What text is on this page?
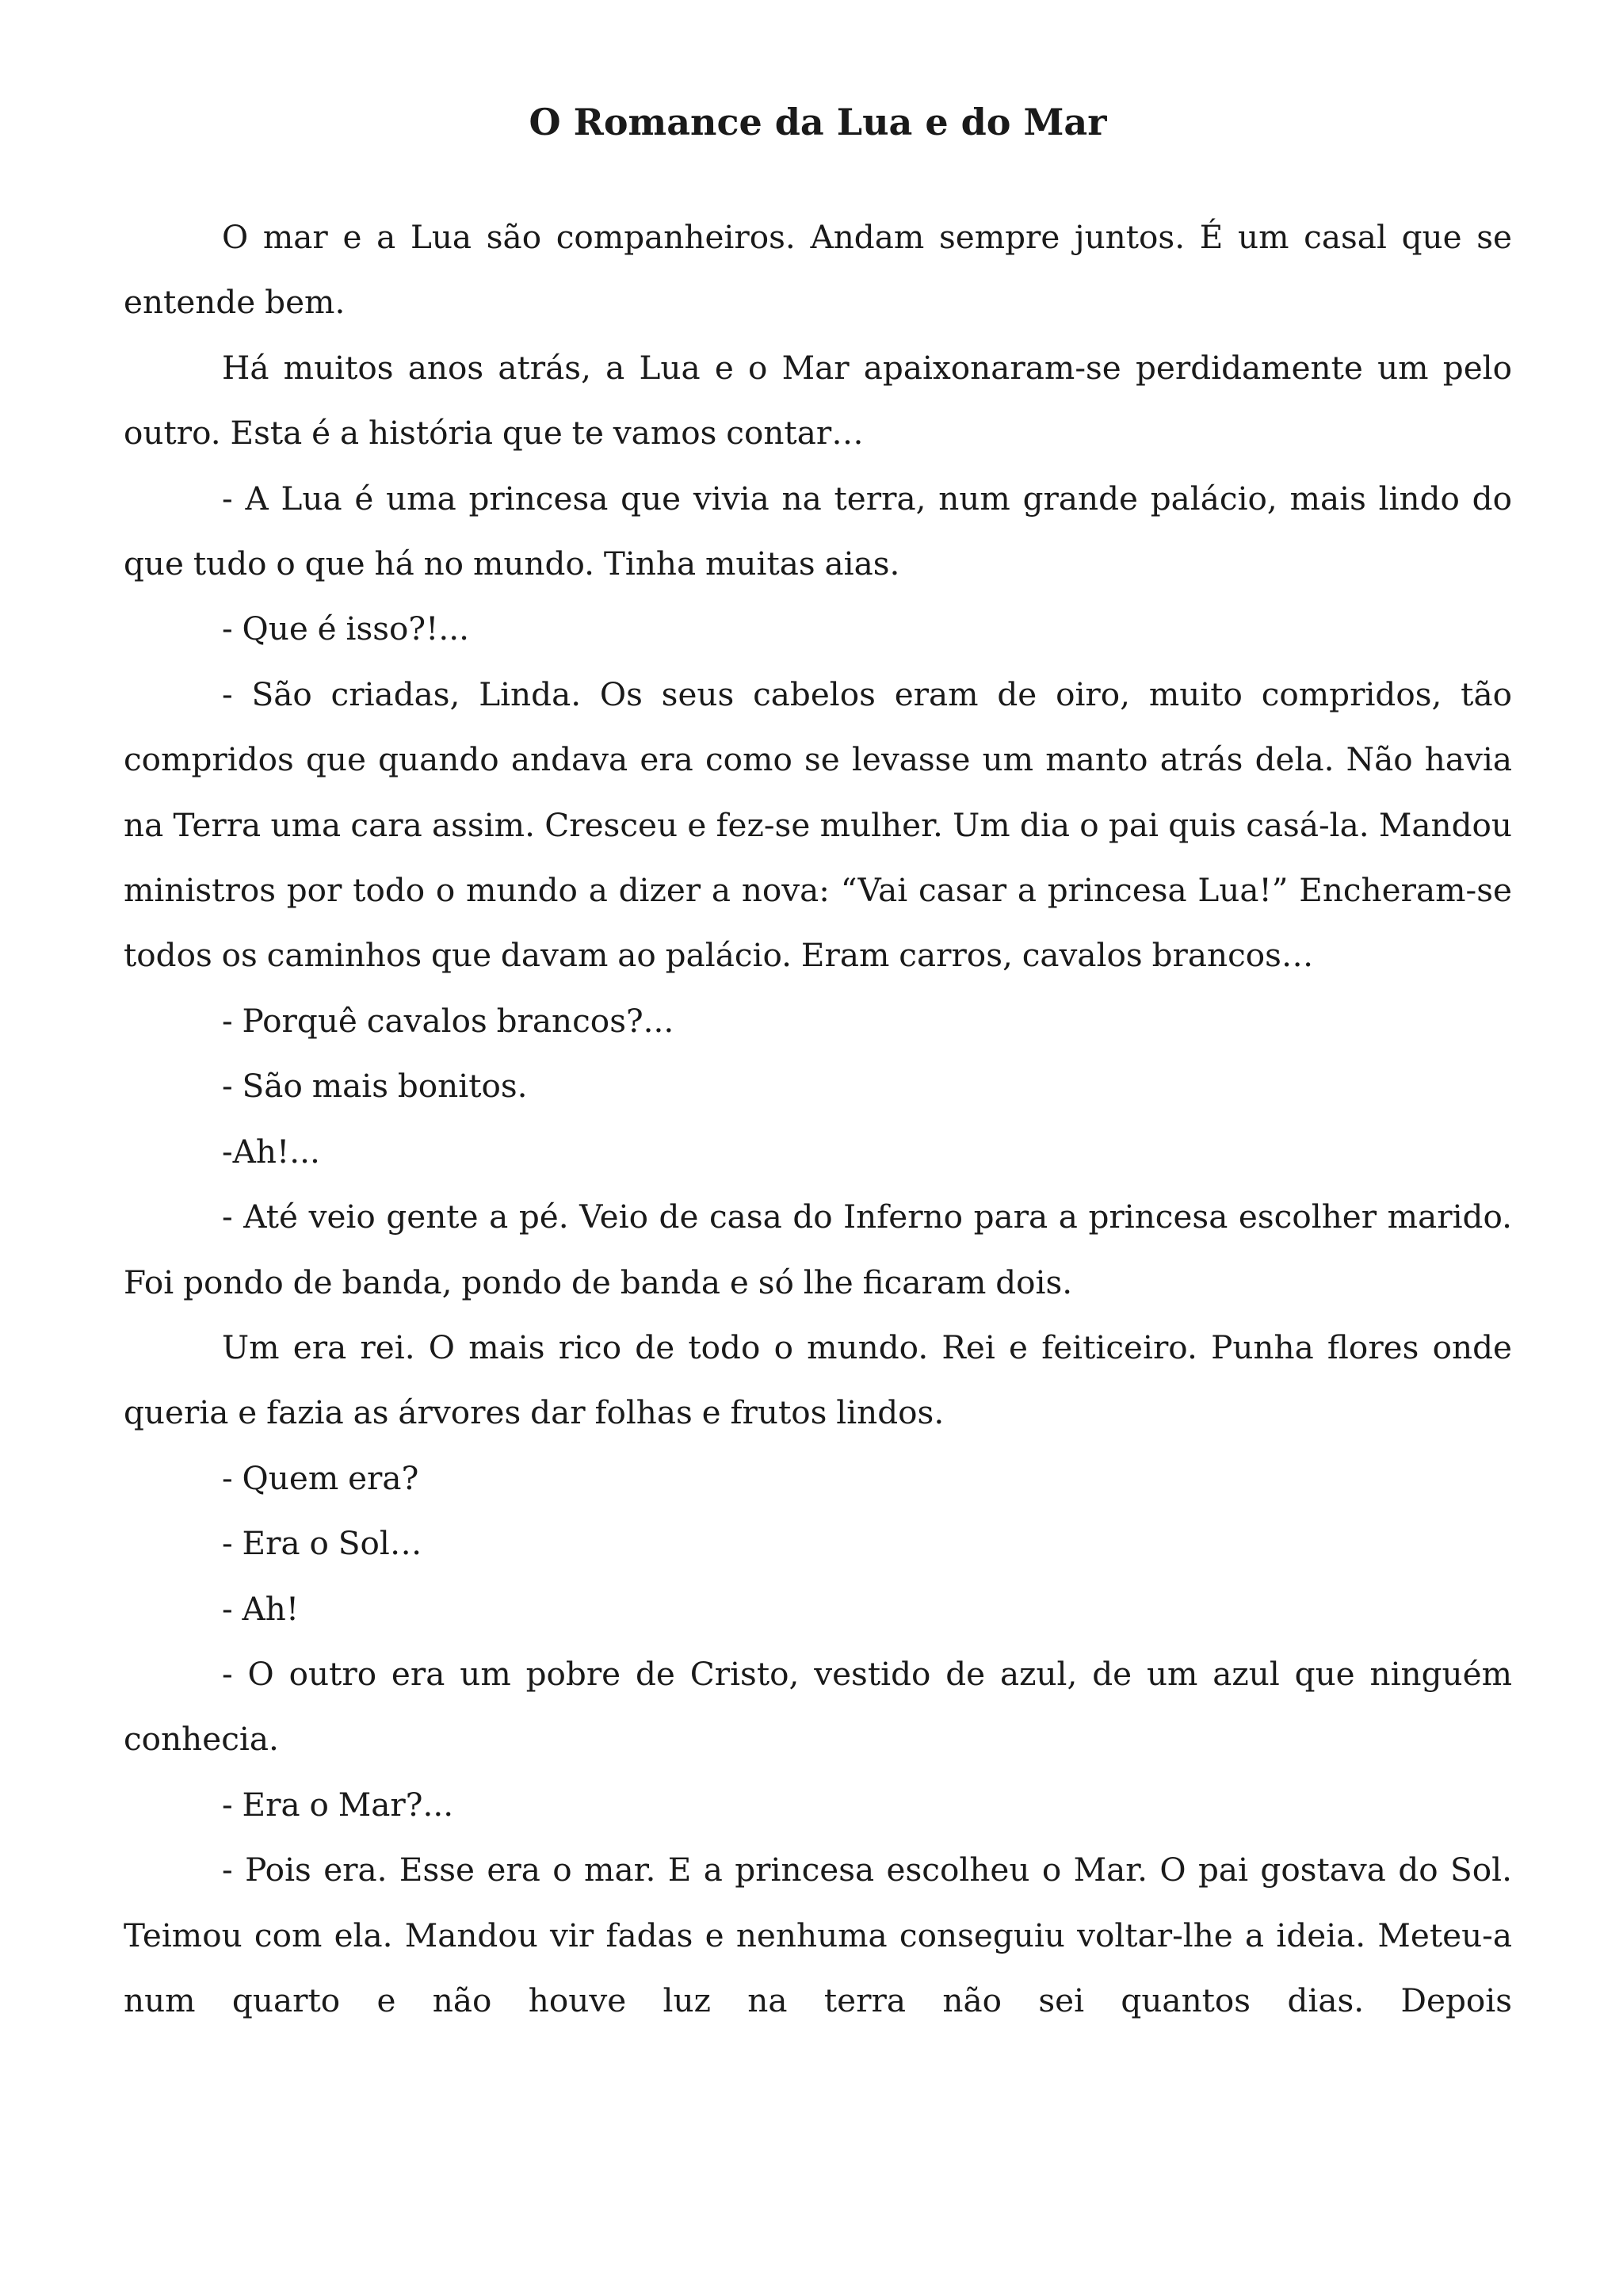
O Romance da Lua e do Mar

O mar e a Lua são companheiros. Andam sempre juntos. É um casal que se entende bem.

Há muitos anos atrás, a Lua e o Mar apaixonaram-se perdidamente um pelo outro. Esta é a história que te vamos contar…

- A Lua é uma princesa que vivia na terra, num grande palácio, mais lindo do que tudo o que há no mundo. Tinha muitas aias.

- Que é isso?!...

- São criadas, Linda. Os seus cabelos eram de oiro, muito compridos, tão compridos que quando andava era como se levasse um manto atrás dela. Não havia na Terra uma cara assim. Cresceu e fez-se mulher. Um dia o pai quis casá-la. Mandou ministros por todo o mundo a dizer a nova: “Vai casar a princesa Lua!” Encheram-se todos os caminhos que davam ao palácio. Eram carros, cavalos brancos…

- Porquê cavalos brancos?...

- São mais bonitos.

-Ah!...

- Até veio gente a pé. Veio de casa do Inferno para a princesa escolher marido. Foi pondo de banda, pondo de banda e só lhe ficaram dois.

Um era rei. O mais rico de todo o mundo. Rei e feiticeiro. Punha flores onde queria e fazia as árvores dar folhas e frutos lindos.

- Quem era?

- Era o Sol…

- Ah!

- O outro era um pobre de Cristo, vestido de azul, de um azul que ninguém conhecia.

- Era o Mar?...

- Pois era. Esse era o mar. E a princesa escolheu o Mar. O pai gostava do Sol. Teimou com ela. Mandou vir fadas e nenhuma conseguiu voltar-lhe a ideia. Meteu-a num quarto e não houve luz na terra não sei quantos dias. Depois
